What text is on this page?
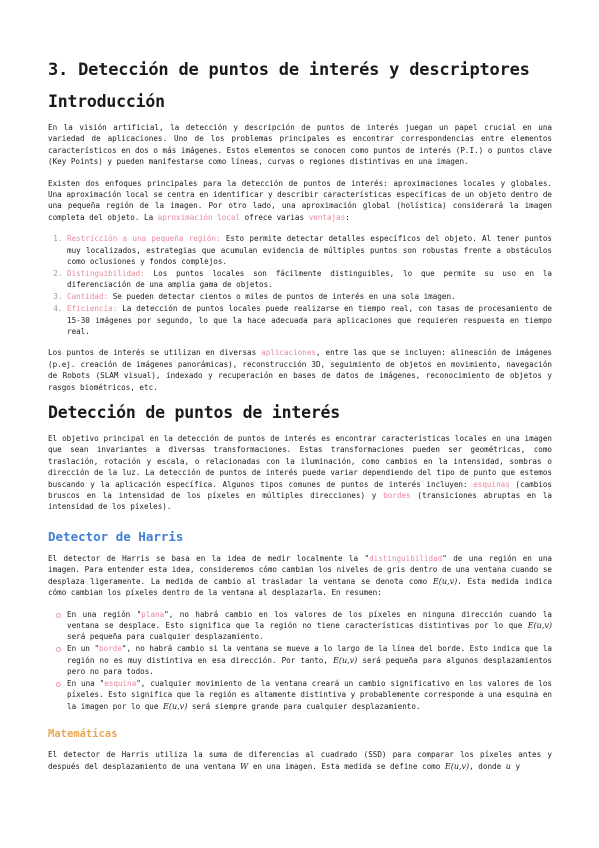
3. Detección de puntos de interés y descriptores
Introducción

En la visión artificial, la detección y descripción de puntos de interés juegan un papel crucial en una variedad de aplicaciones. Uno de los problemas principales es encontrar correspondencias entre elementos característicos en dos o más imágenes. Estos elementos se conocen como puntos de interés (P.I.) o puntos clave (Key Points) y pueden manifestarse como líneas, curvas o regiones distintivas en una imagen.

Existen dos enfoques principales para la detección de puntos de interés: aproximaciones locales y globales. Una aproximación local se centra en identificar y describir características específicas de un objeto dentro de una pequeña región de la imagen. Por otro lado, una aproximación global (holística) considerará la imagen completa del objeto. La aproximación local ofrece varias ventajas:

1. Restricción a una pequeña región: Esto permite detectar detalles específicos del objeto. Al tener puntos muy localizados, estrategias que acumulan evidencia de múltiples puntos son robustas frente a obstáculos como oclusiones y fondos complejos.
2. Distinguibilidad: Los puntos locales son fácilmente distinguibles, lo que permite su uso en la diferenciación de una amplia gama de objetos.
3. Cantidad: Se pueden detectar cientos o miles de puntos de interés en una sola imagen.
4. Eficiencia: La detección de puntos locales puede realizarse en tiempo real, con tasas de procesamiento de 15-30 imágenes por segundo, lo que la hace adecuada para aplicaciones que requieren respuesta en tiempo real.

Los puntos de interés se utilizan en diversas aplicaciones, entre las que se incluyen: alineación de imágenes (p.ej. creación de imágenes panorámicas), reconstrucción 3D, seguimiento de objetos en movimiento, navegación de Robots (SLAM visual), indexado y recuperación en bases de datos de imágenes, reconocimiento de objetos y rasgos biométricos, etc.

Detección de puntos de interés

El objetivo principal en la detección de puntos de interés es encontrar características locales en una imagen que sean invariantes a diversas transformaciones. Estas transformaciones pueden ser geométricas, como traslación, rotación y escala, o relacionadas con la iluminación, como cambios en la intensidad, sombras o dirección de la luz. La detección de puntos de interés puede variar dependiendo del tipo de punto que estemos buscando y la aplicación específica. Algunos tipos comunes de puntos de interés incluyen: esquinas (cambios bruscos en la intensidad de los píxeles en múltiples direcciones) y bordes (transiciones abruptas en la intensidad de los píxeles).

Detector de Harris

El detector de Harris se basa en la idea de medir localmente la "distinguibilidad" de una región en una imagen. Para entender esta idea, consideremos cómo cambian los niveles de gris dentro de una ventana cuando se desplaza ligeramente. La medida de cambio al trasladar la ventana se denota como E(u,v). Esta medida indica cómo cambian los píxeles dentro de la ventana al desplazarla. En resumen:

En una región "plana", no habrá cambio en los valores de los píxeles en ninguna dirección cuando la ventana se desplace. Esto significa que la región no tiene características distintivas por lo que E(u,v) será pequeña para cualquier desplazamiento.
En un "borde", no habrá cambio si la ventana se mueve a lo largo de la línea del borde. Esto indica que la región no es muy distintiva en esa dirección. Por tanto, E(u,v) será pequeña para algunos desplazamientos pero no para todos.
En una "esquina", cualquier movimiento de la ventana creará un cambio significativo en los valores de los píxeles. Esto significa que la región es altamente distintiva y probablemente corresponde a una esquina en la imagen por lo que E(u,v) será siempre grande para cualquier desplazamiento.
Matemáticas

El detector de Harris utiliza la suma de diferencias al cuadrado (SSD) para comparar los píxeles antes y después del desplazamiento de una ventana W en una imagen. Esta medida se define como E(u,v), donde u y
